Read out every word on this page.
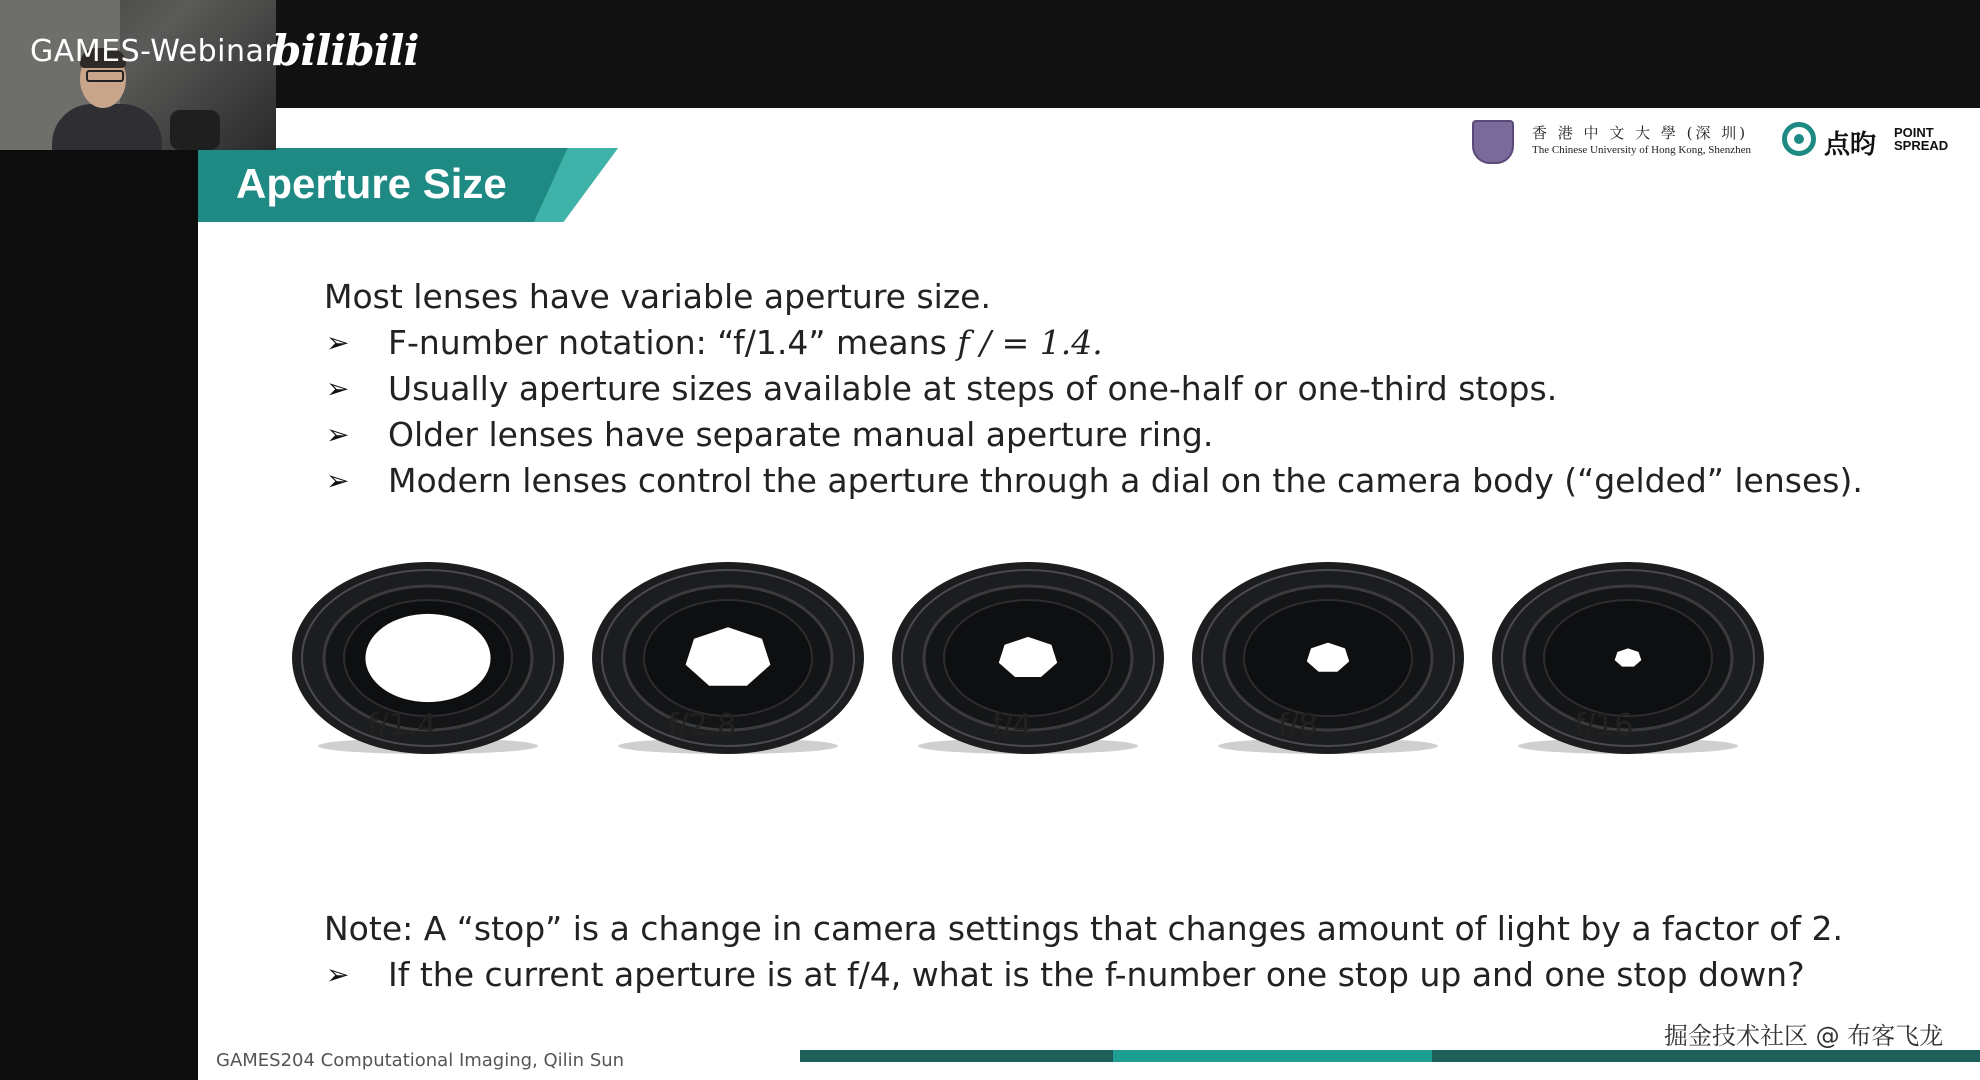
Aperture Size
香 港 中 文 大 學 (深 圳)
The Chinese University of Hong Kong, Shenzhen	点昀 POINT
SPREAD
Most lenses have variable aperture size.
➢ F-number notation: “f/1.4” means f / = 1.4.
➢ Usually aperture sizes available at steps of one-half or one-third stops.
➢ Older lenses have separate manual aperture ring.
➢ Modern lenses control the aperture through a dial on the camera body (“gelded” lenses).
Note: A “stop” is a change in camera settings that changes amount of light by a factor of 2.
➢ If the current aperture is at f/4, what is the f-number one stop up and one stop down?
GAMES204 Computational Imaging, Qilin Sun
f/1.4	f/2.8	f/4	f/8	f/16
GAMES-Webinar
bilibili
掘金技术社区 @ 布客飞龙
